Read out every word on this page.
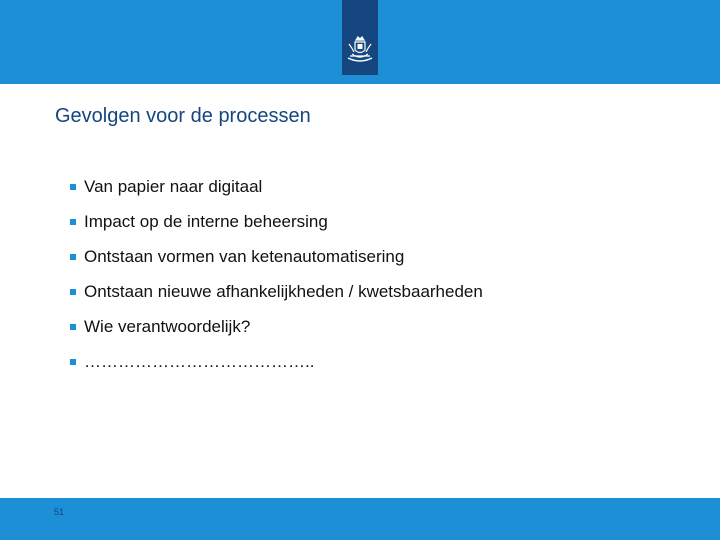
Gevolgen voor de processen
Van papier naar digitaal
Impact op de interne beheersing
Ontstaan vormen van ketenautomatisering
Ontstaan nieuwe afhankelijkheden / kwetsbaarheden
Wie verantwoordelijk?
…………………………………..
51
